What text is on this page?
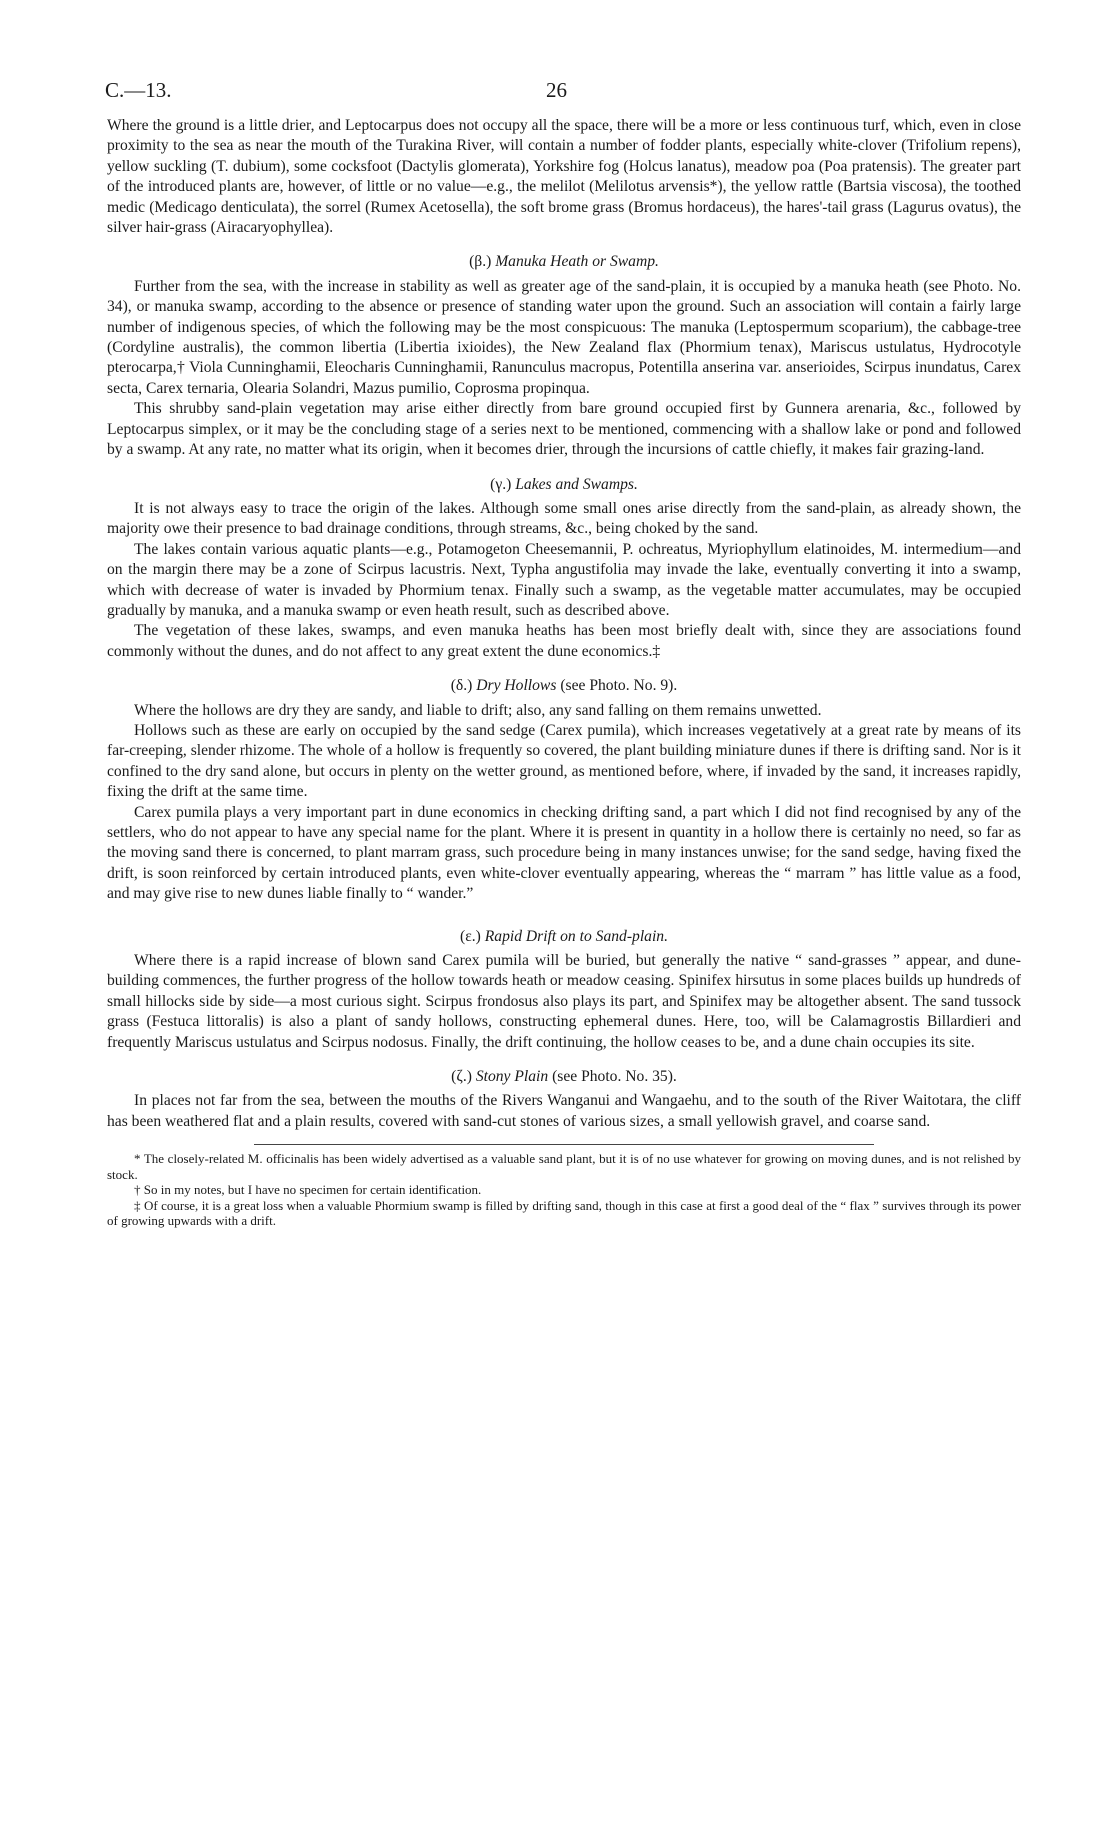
C.—13.	26

Where the ground is a little drier, and Leptocarpus does not occupy all the space, there will be a more or less continuous turf, which, even in close proximity to the sea as near the mouth of the Turakina River, will contain a number of fodder plants, especially white-clover (Trifolium repens), yellow suckling (T. dubium), some cocksfoot (Dactylis glomerata), Yorkshire fog (Holcus lanatus), meadow poa (Poa pratensis). The greater part of the introduced plants are, however, of little or no value—e.g., the melilot (Melilotus arvensis*), the yellow rattle (Bartsia viscosa), the toothed medic (Medicago denticulata), the sorrel (Rumex Acetosella), the soft brome grass (Bromus hordaceus), the hares'-tail grass (Lagurus ovatus), the silver hair-grass (Airacaryophyllea).

(β.) Manuka Heath or Swamp.

Further from the sea, with the increase in stability as well as greater age of the sand-plain, it is occupied by a manuka heath (see Photo. No. 34), or manuka swamp, according to the absence or presence of standing water upon the ground. Such an association will contain a fairly large number of indigenous species, of which the following may be the most conspicuous: The manuka (Leptospermum scoparium), the cabbage-tree (Cordyline australis), the common libertia (Libertia ixioides), the New Zealand flax (Phormium tenax), Mariscus ustulatus, Hydrocotyle pterocarpa,† Viola Cunninghamii, Eleocharis Cunninghamii, Ranunculus macropus, Potentilla anserina var. anserioides, Scirpus inundatus, Carex secta, Carex ternaria, Olearia Solandri, Mazus pumilio, Coprosma propinqua.

This shrubby sand-plain vegetation may arise either directly from bare ground occupied first by Gunnera arenaria, &c., followed by Leptocarpus simplex, or it may be the concluding stage of a series next to be mentioned, commencing with a shallow lake or pond and followed by a swamp. At any rate, no matter what its origin, when it becomes drier, through the incursions of cattle chiefly, it makes fair grazing-land.

(γ.) Lakes and Swamps.

It is not always easy to trace the origin of the lakes. Although some small ones arise directly from the sand-plain, as already shown, the majority owe their presence to bad drainage conditions, through streams, &c., being choked by the sand.

The lakes contain various aquatic plants—e.g., Potamogeton Cheesemannii, P. ochreatus, Myriophyllum elatinoides, M. intermedium—and on the margin there may be a zone of Scirpus lacustris. Next, Typha angustifolia may invade the lake, eventually converting it into a swamp, which with decrease of water is invaded by Phormium tenax. Finally such a swamp, as the vegetable matter accumulates, may be occupied gradually by manuka, and a manuka swamp or even heath result, such as described above.

The vegetation of these lakes, swamps, and even manuka heaths has been most briefly dealt with, since they are associations found commonly without the dunes, and do not affect to any great extent the dune economics.‡

(δ.) Dry Hollows (see Photo. No. 9).

Where the hollows are dry they are sandy, and liable to drift; also, any sand falling on them remains unwetted.

Hollows such as these are early on occupied by the sand sedge (Carex pumila), which increases vegetatively at a great rate by means of its far-creeping, slender rhizome. The whole of a hollow is frequently so covered, the plant building miniature dunes if there is drifting sand. Nor is it confined to the dry sand alone, but occurs in plenty on the wetter ground, as mentioned before, where, if invaded by the sand, it increases rapidly, fixing the drift at the same time.

Carex pumila plays a very important part in dune economics in checking drifting sand, a part which I did not find recognised by any of the settlers, who do not appear to have any special name for the plant. Where it is present in quantity in a hollow there is certainly no need, so far as the moving sand there is concerned, to plant marram grass, such procedure being in many instances unwise; for the sand sedge, having fixed the drift, is soon reinforced by certain introduced plants, even white-clover eventually appearing, whereas the “ marram ” has little value as a food, and may give rise to new dunes liable finally to “ wander.”

(ε.) Rapid Drift on to Sand-plain.

Where there is a rapid increase of blown sand Carex pumila will be buried, but generally the native “ sand-grasses ” appear, and dune-building commences, the further progress of the hollow towards heath or meadow ceasing. Spinifex hirsutus in some places builds up hundreds of small hillocks side by side—a most curious sight. Scirpus frondosus also plays its part, and Spinifex may be altogether absent. The sand tussock grass (Festuca littoralis) is also a plant of sandy hollows, constructing ephemeral dunes. Here, too, will be Calamagrostis Billardieri and frequently Mariscus ustulatus and Scirpus nodosus. Finally, the drift continuing, the hollow ceases to be, and a dune chain occupies its site.

(ζ.) Stony Plain (see Photo. No. 35).

In places not far from the sea, between the mouths of the Rivers Wanganui and Wangaehu, and to the south of the River Waitotara, the cliff has been weathered flat and a plain results, covered with sand-cut stones of various sizes, a small yellowish gravel, and coarse sand.

* The closely-related M. officinalis has been widely advertised as a valuable sand plant, but it is of no use whatever for growing on moving dunes, and is not relished by stock.

† So in my notes, but I have no specimen for certain identification.

‡ Of course, it is a great loss when a valuable Phormium swamp is filled by drifting sand, though in this case at first a good deal of the “ flax ” survives through its power of growing upwards with a drift.
